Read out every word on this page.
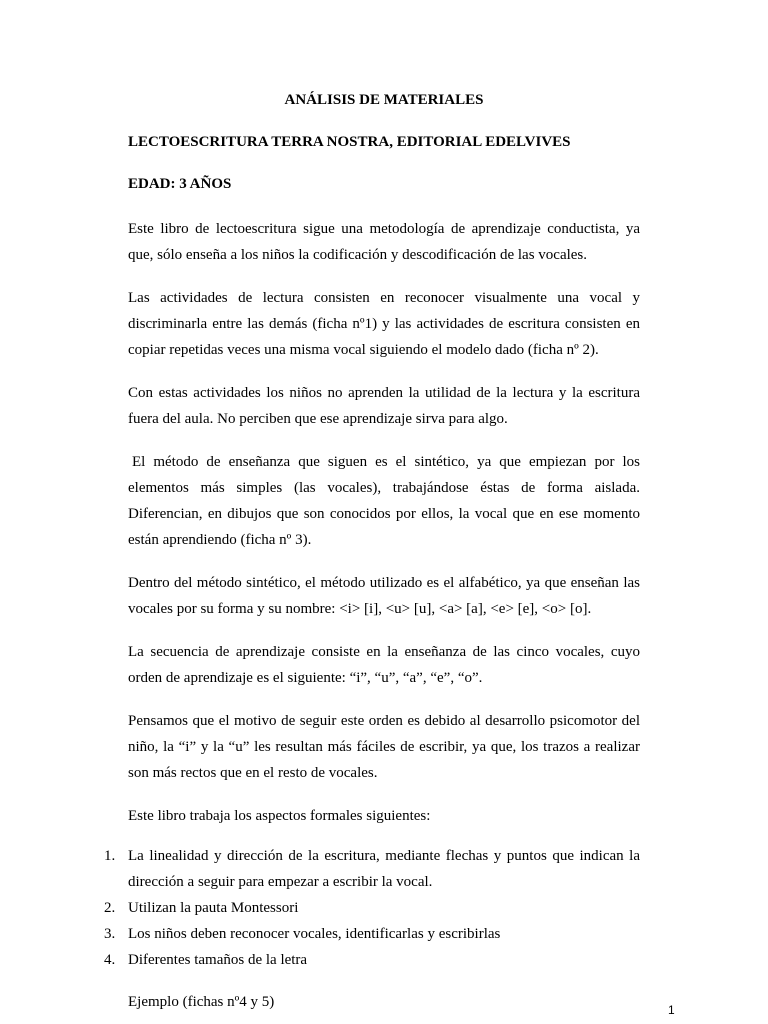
ANÁLISIS DE MATERIALES
LECTOESCRITURA TERRA NOSTRA, EDITORIAL EDELVIVES
EDAD: 3 AÑOS

Este libro de lectoescritura sigue una metodología de aprendizaje conductista, ya que, sólo enseña a los niños la codificación y descodificación de las vocales.

Las actividades de lectura consisten en reconocer visualmente una vocal y discriminarla entre las demás (ficha nº1) y las actividades de escritura consisten en copiar repetidas veces una misma vocal siguiendo el modelo dado (ficha nº 2).

Con estas actividades los niños no aprenden la utilidad de la lectura y la escritura fuera del aula. No perciben que ese aprendizaje sirva para algo.

El método de enseñanza que siguen es el sintético, ya que empiezan por los elementos más simples (las vocales), trabajándose éstas de forma aislada. Diferencian, en dibujos que son conocidos por ellos, la vocal que en ese momento están aprendiendo (ficha nº 3).

Dentro del método sintético, el método utilizado es el alfabético, ya que enseñan las vocales por su forma y su nombre: <i> [i], <u> [u], <a> [a], <e> [e], <o> [o].

La secuencia de aprendizaje consiste en la enseñanza de las cinco vocales, cuyo orden de aprendizaje es el siguiente: “i”, “u”, “a”, “e”, “o”.

Pensamos que el motivo de seguir este orden es debido al desarrollo psicomotor del niño, la “i” y la “u” les resultan más fáciles de escribir, ya que, los trazos a realizar son más rectos que en el resto de vocales.

Este libro trabaja los aspectos formales siguientes:

1. La linealidad y dirección de la escritura, mediante flechas y puntos que indican la dirección a seguir para empezar a escribir la vocal.
2. Utilizan la pauta Montessori
3. Los niños deben reconocer vocales, identificarlas y escribirlas
4. Diferentes tamaños de la letra
Ejemplo (fichas nº4 y 5)	1
